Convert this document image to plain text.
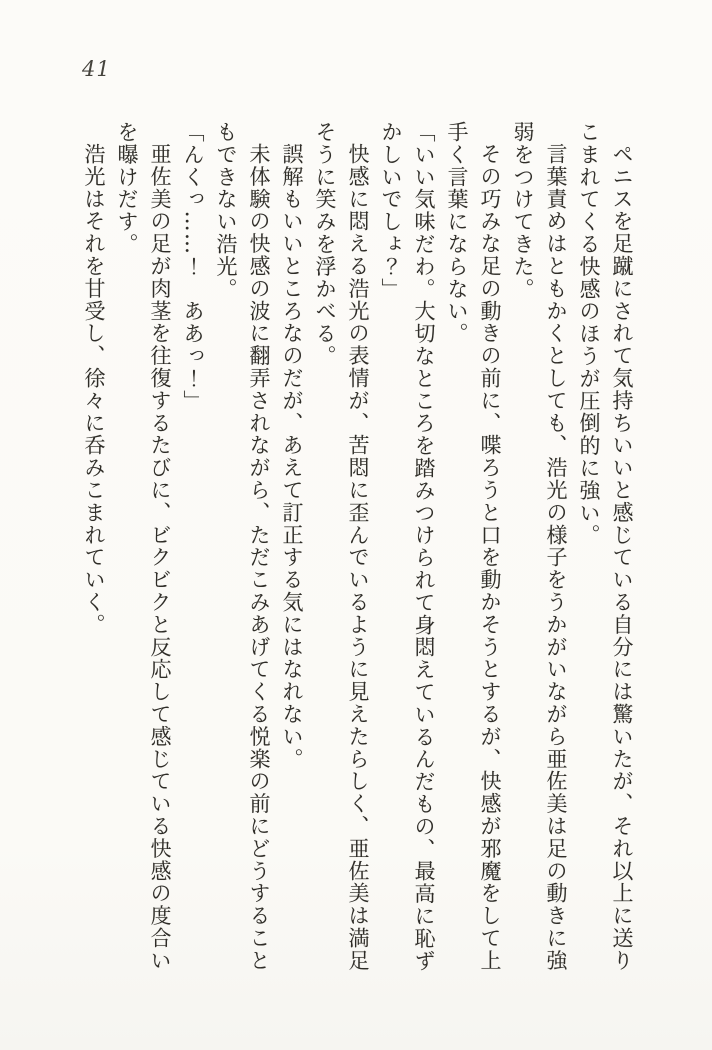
41

ペニスを足蹴にされて気持ちいいと感じている自分には驚いたが、それ以上に送りこまれてくる快感のほうが圧倒的に強い。

言葉責めはともかくとしても、浩光の様子をうかがいながら亜佐美は足の動きに強弱をつけてきた。

その巧みな足の動きの前に、喋ろうと口を動かそうとするが、快感が邪魔をして上手く言葉にならない。

「いい気味だわ。大切なところを踏みつけられて身悶えているんだもの、最高に恥ずかしいでしょ？」

快感に悶える浩光の表情が、苦悶に歪んでいるように見えたらしく、亜佐美は満足そうに笑みを浮かべる。

誤解もいいところなのだが、あえて訂正する気にはなれない。

未体験の快感の波に翻弄されながら、ただこみあげてくる悦楽の前にどうすることもできない浩光。

「んくっ……！　ああっ！」

亜佐美の足が肉茎を往復するたびに、ビクビクと反応して感じている快感の度合いを曝けだす。

浩光はそれを甘受し、徐々に呑みこまれていく。
